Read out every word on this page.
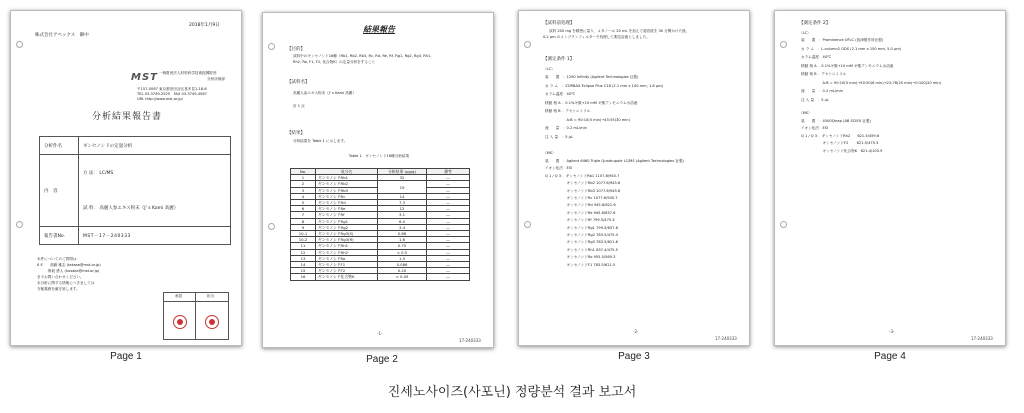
2018年1月9日
株式会社アペックス　御中
MST 一般財団法人材料科学技術振興財団
分析評価部
〒157-0067 東京都世田谷区喜多見1-18-6
TEL 03-3749-2525　FAX 03-3749-4567
URL http://www.mst.or.jp/
分析結果報告書
分析件名	ギンセノシドの定量分析
内　容	方 法： LC/MS
	試 料： 高麗人参エキス粉末（J' s Kami 高麗）
報告書No.	MST－17－240333
本件についてのご質問は
K E　　高橋 雅志 (takase@mst.or.jp)
　　　保坂 勇人 (hosaka@mst.or.jp)
までお問い合わせください。
本分析に関する情報につきましては
守秘義務を厳守致します。
承認	担当
結果報告
【目的】
試料中のギンセノシド16種（Rb1, Rb2, Rb3, Rc, Rd, Re, Rf, Rg1, Rg2, Rg3, Rh1,
Rh2, Ro, F1, F2, 化合物K）の定量分析をすること
【試料名】
高麗人参エキス粉末（J' s Kami 高麗）
計 1 点
【結果】
分析結果を Table 1 に示します。
Table 1　ギンセノシド16種分析結果
No.	成分名	分析結果 (μg/g)	備考
1	ギンセノシドRb1	32	―
2	ギンセノシドRb2	19	―
3	ギンセノシドRb3		―
4	ギンセノシドRc	14	―
5	ギンセノシドRd	7.3	―
6	ギンセノシドRe	12	―
7	ギンセノシドRf	3.1	―
8	ギンセノシドRg1	6.0	―
9	ギンセノシドRg2	3.4	―
10-1	ギンセノシドRg3(S)	0.86	―
10-2	ギンセノシドRg3(R)	1.6	―
11	ギンセノシドRh1	0.75	―
12	ギンセノシドRh2	< 0.5	―
13	ギンセノシドRo	1.5	―
14	ギンセノシドF1	0.086	―
15	ギンセノシドF2	0.20	―
16	ギンセノシド化合物K	< 0.05	―
-1-
17-240333
【試料前処理】
試料 200 mg を精密に量り、メタノール 20 mL を加えて超音波を 30 分間かけた後、
0.2 μm のメンブランフィルターで処理して測定溶液としました。
【測定条件 1】
〈LC〉
〈MS〉
-2-
17-240333
装　　置　：1290 Infinity (Agilent Technologies 社製)
カ ラ ム　：ZORBAX Eclipse Plus C18 (2.1 mm x 100 mm, 1.8 μm)
カラム温度：40℃
移動 相 A ：0.1%ギ酸+10 mM ギ酸アンモニウム水溶液
移動 相 B ：アセトニトリル
　　　　　　A:B = 90:10(0 min)→45:55(30 min)
流　　量　：0.2 mL/min
注 入 量　：5 μL
装　　置　：Agilent 6460 Triple Quadrupole LC/MS (Agilent Technologies 社製)
イオン化法：ESI
Q 1 / Q 3 ：ギンセノシドRb1 1107.6/945.7
　　　　　　ギンセノシドRb2 1077.6/945.6
　　　　　　ギンセノシドRb3 1077.6/945.6
　　　　　　ギンセノシドRc 1077.6/945.7
　　　　　　ギンセノシドRd 945.6/621.6
　　　　　　ギンセノシドRe 945.6/637.6
　　　　　　ギンセノシドRf 799.5/475.4
　　　　　　ギンセノシドRg1 799.5/637.6
　　　　　　ギンセノシドRg2 783.5/475.4
　　　　　　ギンセノシドRg3 783.5/621.6
　　　　　　ギンセノシドRh1 637.4/475.5
　　　　　　ギンセノシドRo 955.5/569.3
　　　　　　ギンセノシドF1 783.5/621.5
【測定条件 2】
〈LC〉
〈MS〉
-3-
17-240333
装　　置　：Prominence UFLC (島津製作所社製)
カ ラ ム　：L-column2 ODS (2.1 mm x 150 mm, 5.0 μm)
カラム温度：40℃
移動 相 A ：0.1%ギ酸+10 mM ギ酸アンモニウム水溶液
移動 相 B ：アセトニトリル
　　　　　　A:B = 90:10(0 min)→50:50(6 min)→22:78(20 min)→0:100(20 min)
流　　量　：0.2 mL/min
注 入 量　：5 μL
装　　置　：4500Qtrap (AB SCIEX 社製)
イオン化法：ESI
Q 1 / Q 3 ：ギンセノシドRh2　　621.5/459.6
　　　　　　ギンセノシドF2　　 621.5/475.3
　　　　　　ギンセノシド化合物K　621.4/105.9
Page 1	Page 2	Page 3	Page 4
진세노사이즈(사포닌) 정량분석 결과 보고서
